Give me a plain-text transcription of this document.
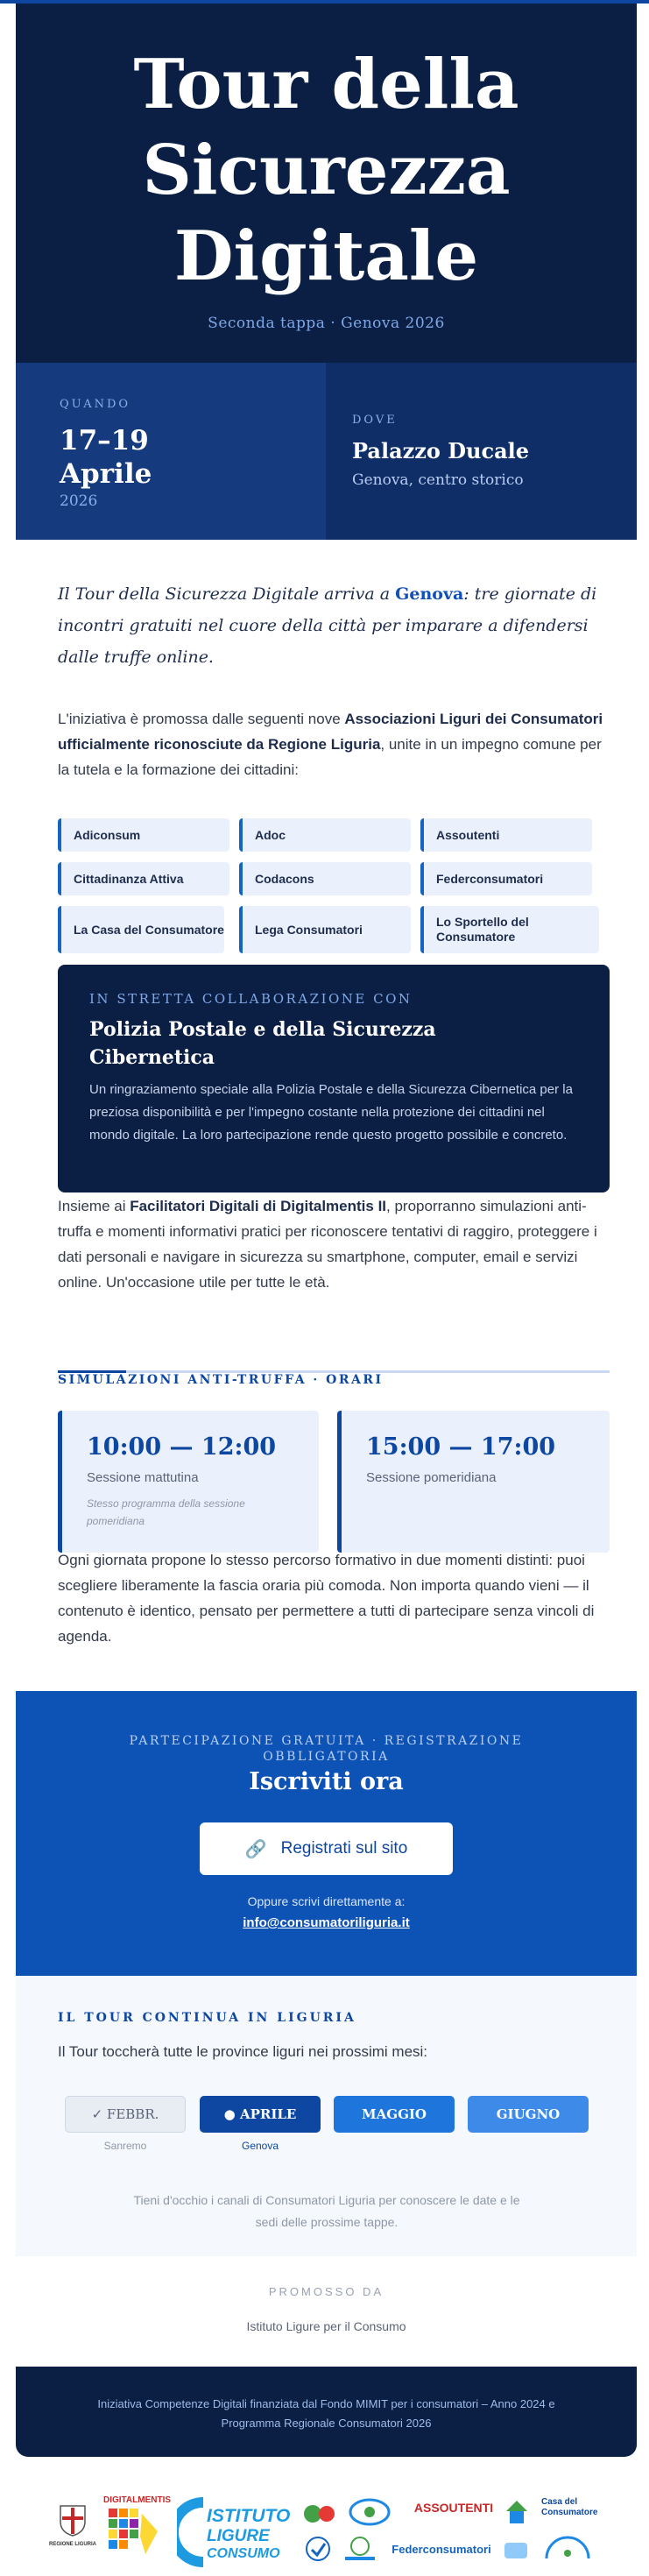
Tour della Sicurezza Digitale
Seconda tappa · Genova 2026
QUANDO
17–19 Aprile
2026
DOVE
Palazzo Ducale
Genova, centro storico
Il Tour della Sicurezza Digitale arriva a Genova: tre giornate di incontri gratuiti nel cuore della città per imparare a difendersi dalle truffe online.
L'iniziativa è promossa dalle seguenti nove Associazioni Liguri dei Consumatori ufficialmente riconosciute da Regione Liguria, unite in un impegno comune per la tutela e la formazione dei cittadini:
Adiconsum	Adoc	Assoutenti
Cittadinanza Attiva	Codacons	Federconsumatori
La Casa del Consumatore	Lega Consumatori
Lo Sportello del Consumatore
IN STRETTA COLLABORAZIONE CON
Polizia Postale e della Sicurezza Cibernetica
Un ringraziamento speciale alla Polizia Postale e della Sicurezza Cibernetica per la preziosa disponibilità e per l'impegno costante nella protezione dei cittadini nel mondo digitale. La loro partecipazione rende questo progetto possibile e concreto.
Insieme ai Facilitatori Digitali di Digitalmentis II, proporranno simulazioni anti-truffa e momenti informativi pratici per riconoscere tentativi di raggiro, proteggere i dati personali e navigare in sicurezza su smartphone, computer, email e servizi online. Un'occasione utile per tutte le età.
SIMULAZIONI ANTI-TRUFFA · ORARI
10:00 — 12:00
Sessione mattutina
Stesso programma della sessione pomeridiana
15:00 — 17:00
Sessione pomeridiana
Ogni giornata propone lo stesso percorso formativo in due momenti distinti: puoi scegliere liberamente la fascia oraria più comoda. Non importa quando vieni — il contenuto è identico, pensato per permettere a tutti di partecipare senza vincoli di agenda.
PARTECIPAZIONE GRATUITA · REGISTRAZIONE OBBLIGATORIA
Iscriviti ora
🔗 Registrati sul sito
Oppure scrivi direttamente a:
info@consumatoriliguria.it
IL TOUR CONTINUA IN LIGURIA
Il Tour toccherà tutte le province liguri nei prossimi mesi:
✓ FEBBR.	● APRILE	MAGGIO	GIUGNO
Sanremo	Genova
Tieni d'occhio i canali di Consumatori Liguria per conoscere le date e le sedi delle prossime tappe.
PROMOSSO DA
Istituto Ligure per il Consumo
Iniziativa Competenze Digitali finanziata dal Fondo MIMIT per i consumatori – Anno 2024 e Programma Regionale Consumatori 2026
REGIONE LIGURIA
DIGITALMENTIS
ISTITUTO
LIGURE
CONSUMO
ASSOUTENTI	Casa del Consumatore
Federconsumatori
